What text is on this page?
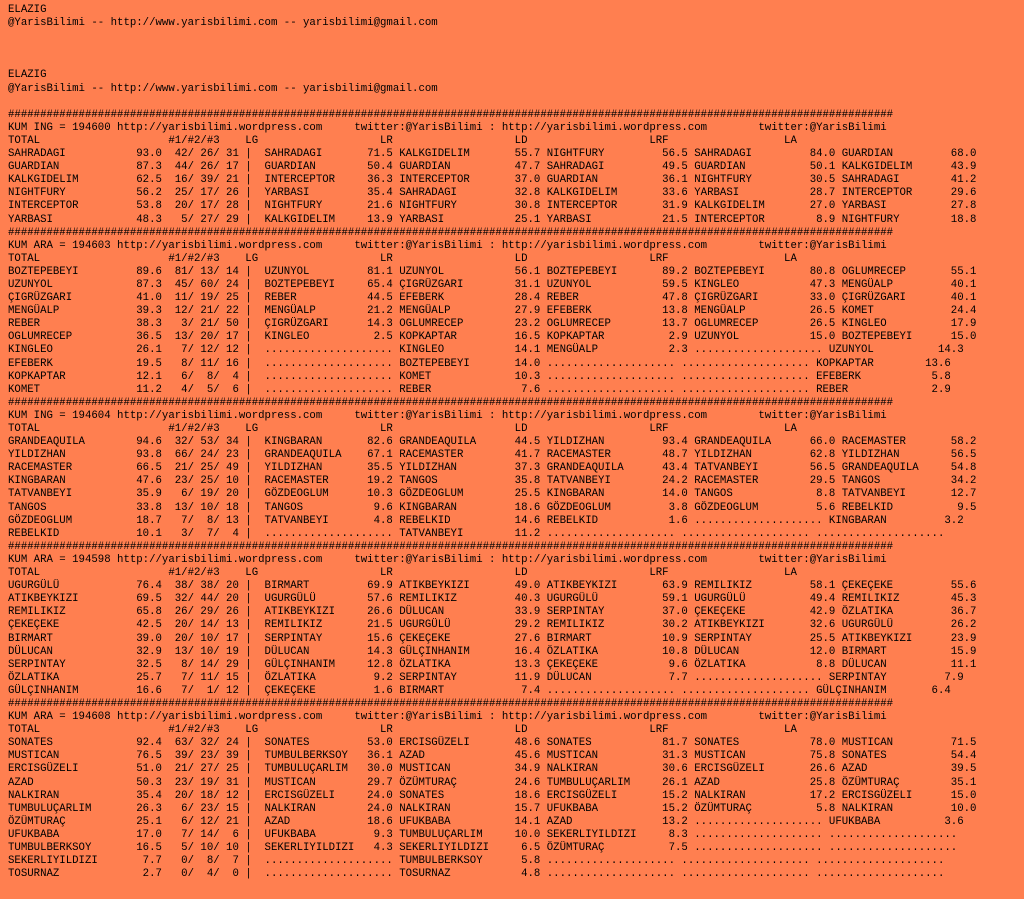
ELAZIG
@YarisBilimi -- http://www.yarisbilimi.com -- yarisbilimi@gmail.com
ELAZIG
@YarisBilimi -- http://www.yarisbilimi.com -- yarisbilimi@gmail.com
##########################################################################################################################################
KUM ING = 194600 http://yarisbilimi.wordpress.com     twitter:@YarisBilimi : http://yarisbilimi.wordpress.com        twitter:@YarisBilimi
TOTAL                    #1/#2/#3    LG                   LR                   LD                   LRF                  LA
SAHRADAGI           93.0  42/ 26/ 31 |  SAHRADAGI       71.5 KALKGIDELIM       55.7 NIGHTFURY         56.5 SAHRADAGI         84.0 GUARDIAN         68.0
GUARDIAN            87.3  44/ 26/ 17 |  GUARDIAN        50.4 GUARDIAN          47.7 SAHRADAGI         49.5 GUARDIAN          50.1 KALKGIDELIM      43.9
KALKGIDELIM         62.5  16/ 39/ 21 |  INTERCEPTOR     36.3 INTERCEPTOR       37.0 GUARDIAN          36.1 NIGHTFURY         30.5 SAHRADAGI        41.2
NIGHTFURY           56.2  25/ 17/ 26 |  YARBASI         35.4 SAHRADAGI         32.8 KALKGIDELIM       33.6 YARBASI           28.7 INTERCEPTOR      29.6
INTERCEPTOR         53.8  20/ 17/ 28 |  NIGHTFURY       21.6 NIGHTFURY         30.8 INTERCEPTOR       31.9 KALKGIDELIM       27.0 YARBASI          27.8
YARBASI             48.3   5/ 27/ 29 |  KALKGIDELIM     13.9 YARBASI           25.1 YARBASI           21.5 INTERCEPTOR        8.9 NIGHTFURY        18.8
##########################################################################################################################################
KUM ARA = 194603 http://yarisbilimi.wordpress.com     twitter:@YarisBilimi : http://yarisbilimi.wordpress.com        twitter:@YarisBilimi
TOTAL                    #1/#2/#3    LG                   LR                   LD                   LRF                  LA
BOZTEPEBEYI         89.6  81/ 13/ 14 |  UZUNYOL         81.1 UZUNYOL           56.1 BOZTEPEBEYI       89.2 BOZTEPEBEYI       80.8 OGLUMRECEP       55.1
UZUNYOL             87.3  45/ 60/ 24 |  BOZTEPEBEYI     65.4 ÇIGRÜZGARI        31.1 UZUNYOL           59.5 KINGLEO           47.3 MENGÜALP         40.1
ÇIGRÜZGARI          41.0  11/ 19/ 25 |  REBER           44.5 EFEBERK           28.4 REBER             47.8 ÇIGRÜZGARI        33.0 ÇIGRÜZGARI       40.1
MENGÜALP            39.3  12/ 21/ 22 |  MENGÜALP        21.2 MENGÜALP          27.9 EFEBERK           13.8 MENGÜALP          26.5 KOMET            24.4
REBER               38.3   3/ 21/ 50 |  ÇIGRÜZGARI      14.3 OGLUMRECEP        23.2 OGLUMRECEP        13.7 OGLUMRECEP        26.5 KINGLEO          17.9
OGLUMRECEP          36.5  13/ 20/ 17 |  KINGLEO          2.5 KOPKAPTAR         16.5 KOPKAPTAR          2.9 UZUNYOL           15.0 BOZTEPEBEYI      15.0
KINGLEO             26.1   7/ 12/ 12 |  .................... KINGLEO           14.1 MENGÜALP           2.3 .................... UZUNYOL          14.3
EFEBERK             19.5   8/ 11/ 16 |  .................... BOZTEPEBEYI       14.0 .................... .................... KOPKAPTAR        13.6
KOPKAPTAR           12.1   6/  8/  4 |  .................... KOMET             10.3 .................... .................... EFEBERK           5.8
KOMET               11.2   4/  5/  6 |  .................... REBER              7.6 .................... .................... REBER             2.9
##########################################################################################################################################
KUM ING = 194604 http://yarisbilimi.wordpress.com     twitter:@YarisBilimi : http://yarisbilimi.wordpress.com        twitter:@YarisBilimi
TOTAL                    #1/#2/#3    LG                   LR                   LD                   LRF                  LA
GRANDEAQUILA        94.6  32/ 53/ 34 |  KINGBARAN       82.6 GRANDEAQUILA      44.5 YILDIZHAN         93.4 GRANDEAQUILA      66.0 RACEMASTER       58.2
YILDIZHAN           93.8  66/ 24/ 23 |  GRANDEAQUILA    67.1 RACEMASTER        41.7 RACEMASTER        48.7 YILDIZHAN         62.8 YILDIZHAN        56.5
RACEMASTER          66.5  21/ 25/ 49 |  YILDIZHAN       35.5 YILDIZHAN         37.3 GRANDEAQUILA      43.4 TATVANBEYI        56.5 GRANDEAQUILA     54.8
KINGBARAN           47.6  23/ 25/ 10 |  RACEMASTER      19.2 TANGOS            35.8 TATVANBEYI        24.2 RACEMASTER        29.5 TANGOS           34.2
TATVANBEYI          35.9   6/ 19/ 20 |  GÖZDEOGLUM      10.3 GÖZDEOGLUM        25.5 KINGBARAN         14.0 TANGOS             8.8 TATVANBEYI       12.7
TANGOS              33.8  13/ 10/ 18 |  TANGOS           9.6 KINGBARAN         18.6 GÖZDEOGLUM         3.8 GÖZDEOGLUM         5.6 REBELKID          9.5
GÖZDEOGLUM          18.7   7/  8/ 13 |  TATVANBEYI       4.8 REBELKID          14.6 REBELKID           1.6 .................... KINGBARAN         3.2
REBELKID            10.1   3/  7/  4 |  .................... TATVANBEYI        11.2 .................... .................... ....................
##########################################################################################################################################
KUM ARA = 194598 http://yarisbilimi.wordpress.com     twitter:@YarisBilimi : http://yarisbilimi.wordpress.com        twitter:@YarisBilimi
TOTAL                    #1/#2/#3    LG                   LR                   LD                   LRF                  LA
UGURGÜLÜ            76.4  38/ 38/ 20 |  BIRMART         69.9 ATIKBEYKIZI       49.0 ATIKBEYKIZI       63.9 REMILIKIZ         58.1 ÇEKEÇEKE         55.6
ATIKBEYKIZI         69.5  32/ 44/ 20 |  UGURGÜLÜ        57.6 REMILIKIZ         40.3 UGURGÜLÜ          59.1 UGURGÜLÜ          49.4 REMILIKIZ        45.3
REMILIKIZ           65.8  26/ 29/ 26 |  ATIKBEYKIZI     26.6 DÜLUCAN           33.9 SERPINTAY         37.0 ÇEKEÇEKE          42.9 ÖZLATIKA         36.7
ÇEKEÇEKE            42.5  20/ 14/ 13 |  REMILIKIZ       21.5 UGURGÜLÜ          29.2 REMILIKIZ         30.2 ATIKBEYKIZI       32.6 UGURGÜLÜ         26.2
BIRMART             39.0  20/ 10/ 17 |  SERPINTAY       15.6 ÇEKEÇEKE          27.6 BIRMART           10.9 SERPINTAY         25.5 ATIKBEYKIZI      23.9
DÜLUCAN             32.9  13/ 10/ 19 |  DÜLUCAN         14.3 GÜLÇINHANIM       16.4 ÖZLATIKA          10.8 DÜLUCAN           12.0 BIRMART          15.9
SERPINTAY           32.5   8/ 14/ 29 |  GÜLÇINHANIM     12.8 ÖZLATIKA          13.3 ÇEKEÇEKE           9.6 ÖZLATIKA           8.8 DÜLUCAN          11.1
ÖZLATIKA            25.7   7/ 11/ 15 |  ÖZLATIKA         9.2 SERPINTAY         11.9 DÜLUCAN            7.7 .................... SERPINTAY         7.9
GÜLÇINHANIM         16.6   7/  1/ 12 |  ÇEKEÇEKE         1.6 BIRMART            7.4 .................... .................... GÜLÇINHANIM       6.4
##########################################################################################################################################
KUM ARA = 194608 http://yarisbilimi.wordpress.com     twitter:@YarisBilimi : http://yarisbilimi.wordpress.com        twitter:@YarisBilimi
TOTAL                    #1/#2/#3    LG                   LR                   LD                   LRF                  LA
SONATES             92.4  63/ 32/ 24 |  SONATES         53.0 ERCISGÜZELI       48.6 SONATES           81.7 SONATES           78.0 MUSTICAN         71.5
MUSTICAN            76.5  39/ 23/ 39 |  TUMBULBERKSOY   36.1 AZAD              45.6 MUSTICAN          31.3 MUSTICAN          75.8 SONATES          54.4
ERCISGÜZELI         51.0  21/ 27/ 25 |  TUMBULUÇARLIM   30.0 MUSTICAN          34.9 NALKIRAN          30.6 ERCISGÜZELI       26.6 AZAD             39.5
AZAD                50.3  23/ 19/ 31 |  MUSTICAN        29.7 ÖZÜMTURAÇ         24.6 TUMBULUÇARLIM     26.1 AZAD              25.8 ÖZÜMTURAÇ        35.1
NALKIRAN            35.4  20/ 18/ 12 |  ERCISGÜZELI     24.0 SONATES           18.6 ERCISGÜZELI       15.2 NALKIRAN          17.2 ERCISGÜZELI      15.0
TUMBULUÇARLIM       26.3   6/ 23/ 15 |  NALKIRAN        24.0 NALKIRAN          15.7 UFUKBABA          15.2 ÖZÜMTURAÇ          5.8 NALKIRAN         10.0
ÖZÜMTURAÇ           25.1   6/ 12/ 21 |  AZAD            18.6 UFUKBABA          14.1 AZAD              13.2 .................... UFUKBABA          3.6
UFUKBABA            17.0   7/ 14/  6 |  UFUKBABA         9.3 TUMBULUÇARLIM     10.0 SEKERLIYILDIZI     8.3 .................... ....................
TUMBULBERKSOY       16.5   5/ 10/ 10 |  SEKERLIYILDIZI   4.3 SEKERLIYILDIZI     6.5 ÖZÜMTURAÇ          7.5 .................... ....................
SEKERLIYILDIZI       7.7   0/  8/  7 |  .................... TUMBULBERKSOY      5.8 .................... .................... ....................
TOSURNAZ             2.7   0/  4/  0 |  .................... TOSURNAZ           4.8 .................... .................... ....................
